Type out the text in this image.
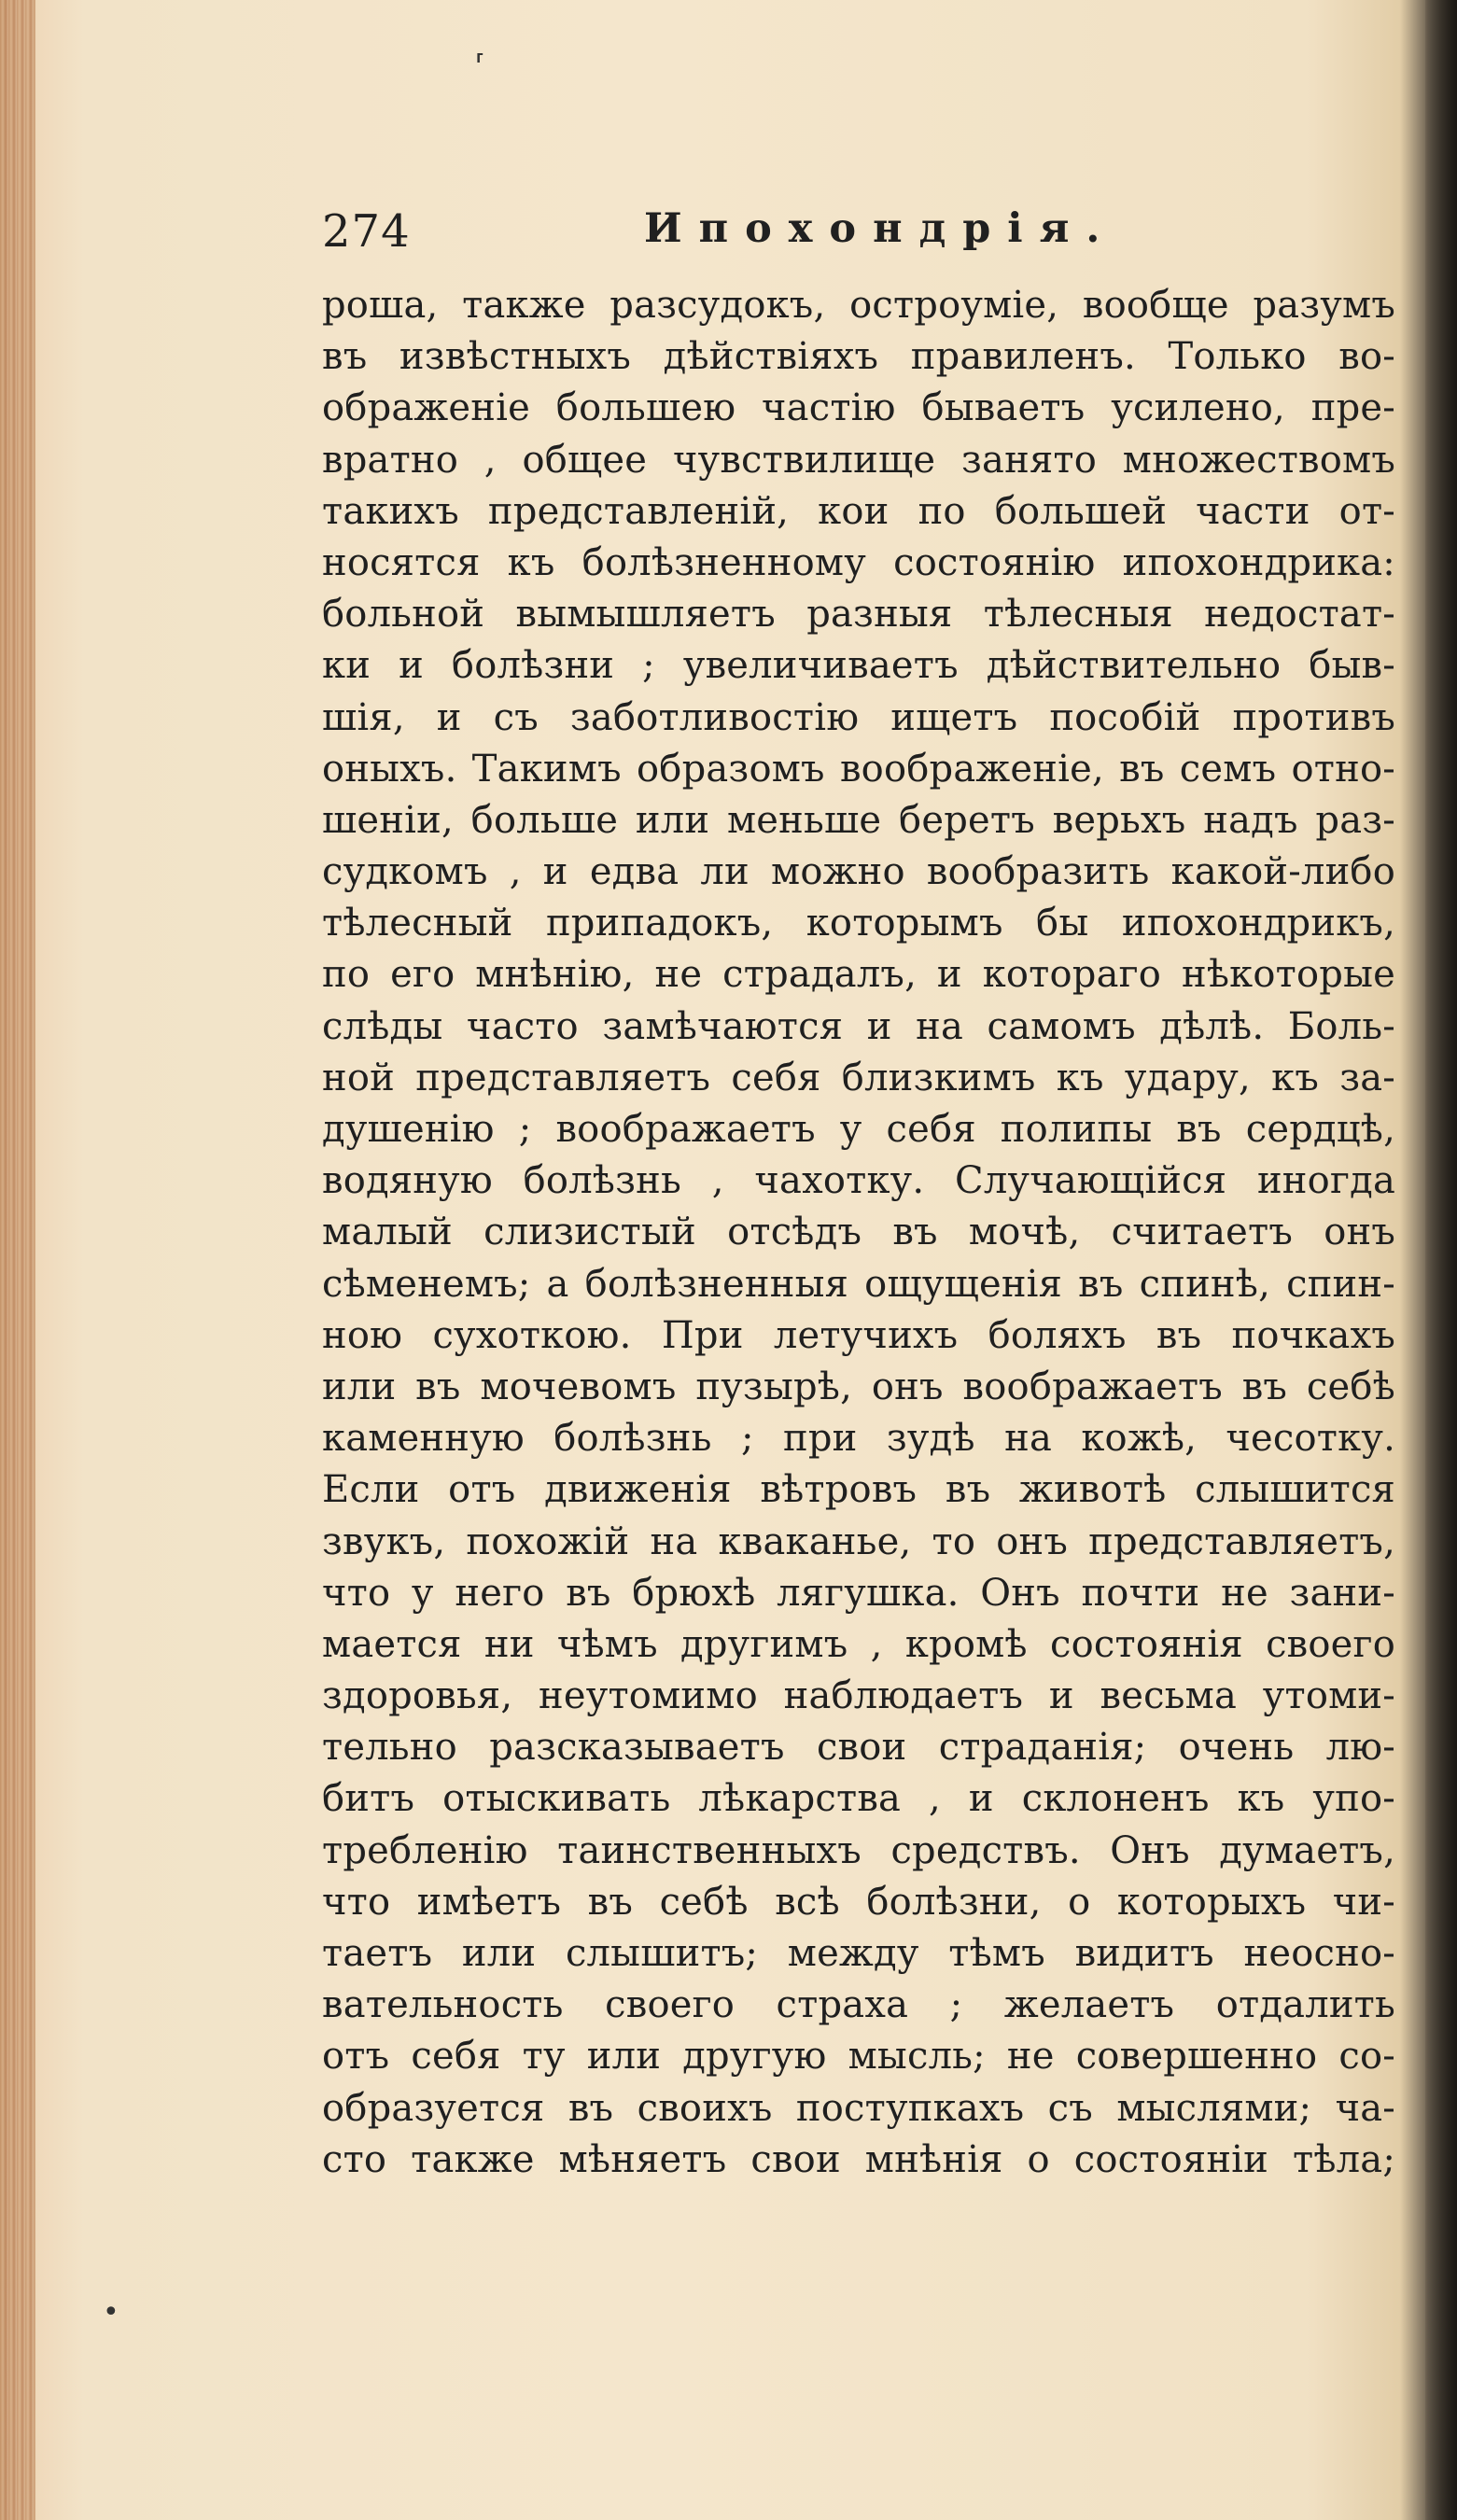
⸢
•
274	Ипохондрія.
роша, также разсудокъ, остроуміе, вообще разумъ
въ извѣстныхъ дѣйствіяхъ правиленъ. Только во-
ображеніе большею частію бываетъ усилено, пре-
вратно , общее чувствилище занято множествомъ
такихъ представленій, кои по большей части от-
носятся къ болѣзненному состоянію ипохондрика:
больной вымышляетъ разныя тѣлесныя недостат-
ки и болѣзни ; увеличиваетъ дѣйствительно быв-
шія, и съ заботливостію ищетъ пособій противъ
оныхъ. Такимъ образомъ воображеніе, въ семъ отно-
шеніи, больше или меньше беретъ верьхъ надъ раз-
судкомъ , и едва ли можно вообразить какой-либо
тѣлесный припадокъ, которымъ бы ипохондрикъ,
по его мнѣнію, не страдалъ, и котораго нѣкоторые
слѣды часто замѣчаются и на самомъ дѣлѣ. Боль-
ной представляетъ себя близкимъ къ удару, къ за-
душенію ; воображаетъ у себя полипы въ сердцѣ,
водяную болѣзнь , чахотку. Случающійся иногда
малый слизистый отсѣдъ въ мочѣ, считаетъ онъ
сѣменемъ; а болѣзненныя ощущенія въ спинѣ, спин-
ною сухоткою. При летучихъ боляхъ въ почкахъ
или въ мочевомъ пузырѣ, онъ воображаетъ въ себѣ
каменную болѣзнь ; при зудѣ на кожѣ, чесотку.
Если отъ движенія вѣтровъ въ животѣ слышится
звукъ, похожій на кваканье, то онъ представляетъ,
что у него въ брюхѣ лягушка. Онъ почти не зани-
мается ни чѣмъ другимъ , кромѣ состоянія своего
здоровья, неутомимо наблюдаетъ и весьма утоми-
тельно разсказываетъ свои страданія; очень лю-
битъ отыскивать лѣкарства , и склоненъ къ упо-
требленію таинственныхъ средствъ. Онъ думаетъ,
что имѣетъ въ себѣ всѣ болѣзни, о которыхъ чи-
таетъ или слышитъ; между тѣмъ видитъ неосно-
вательность своего страха ; желаетъ отдалить
отъ себя ту или другую мысль; не совершенно со-
образуется въ своихъ поступкахъ съ мыслями; ча-
сто также мѣняетъ свои мнѣнія о состояніи тѣла;
